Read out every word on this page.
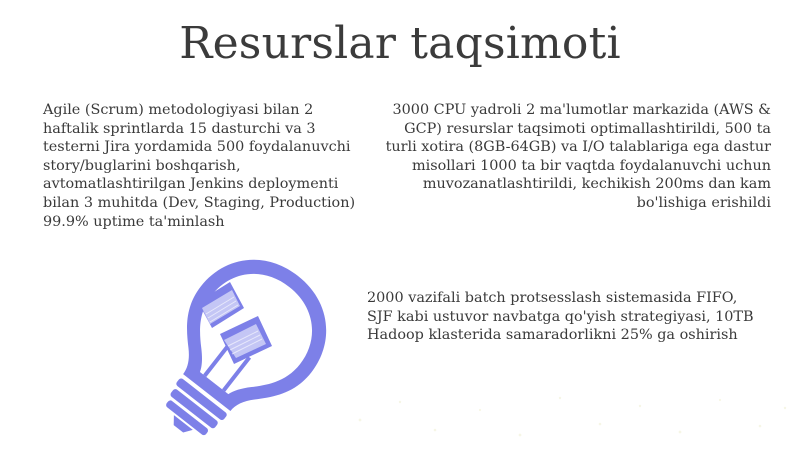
Resurslar taqsimoti
Agile (Scrum) metodologiyasi bilan 2
haftalik sprintlarda 15 dasturchi va 3
testerni Jira yordamida 500 foydalanuvchi
story/buglarini boshqarish,
avtomatlashtirilgan Jenkins deploymenti
bilan 3 muhitda (Dev, Staging, Production)
99.9% uptime ta'minlash
3000 CPU yadroli 2 ma'lumotlar markazida (AWS &
GCP) resurslar taqsimoti optimallashtirildi, 500 ta
turli xotira (8GB-64GB) va I/O talablariga ega dastur
misollari 1000 ta bir vaqtda foydalanuvchi uchun
muvozanatlashtirildi, kechikish 200ms dan kam
bo'lishiga erishildi
2000 vazifali batch protsesslash sistemasida FIFO,
SJF kabi ustuvor navbatga qo'yish strategiyasi, 10TB
Hadoop klasterida samaradorlikni 25% ga oshirish
